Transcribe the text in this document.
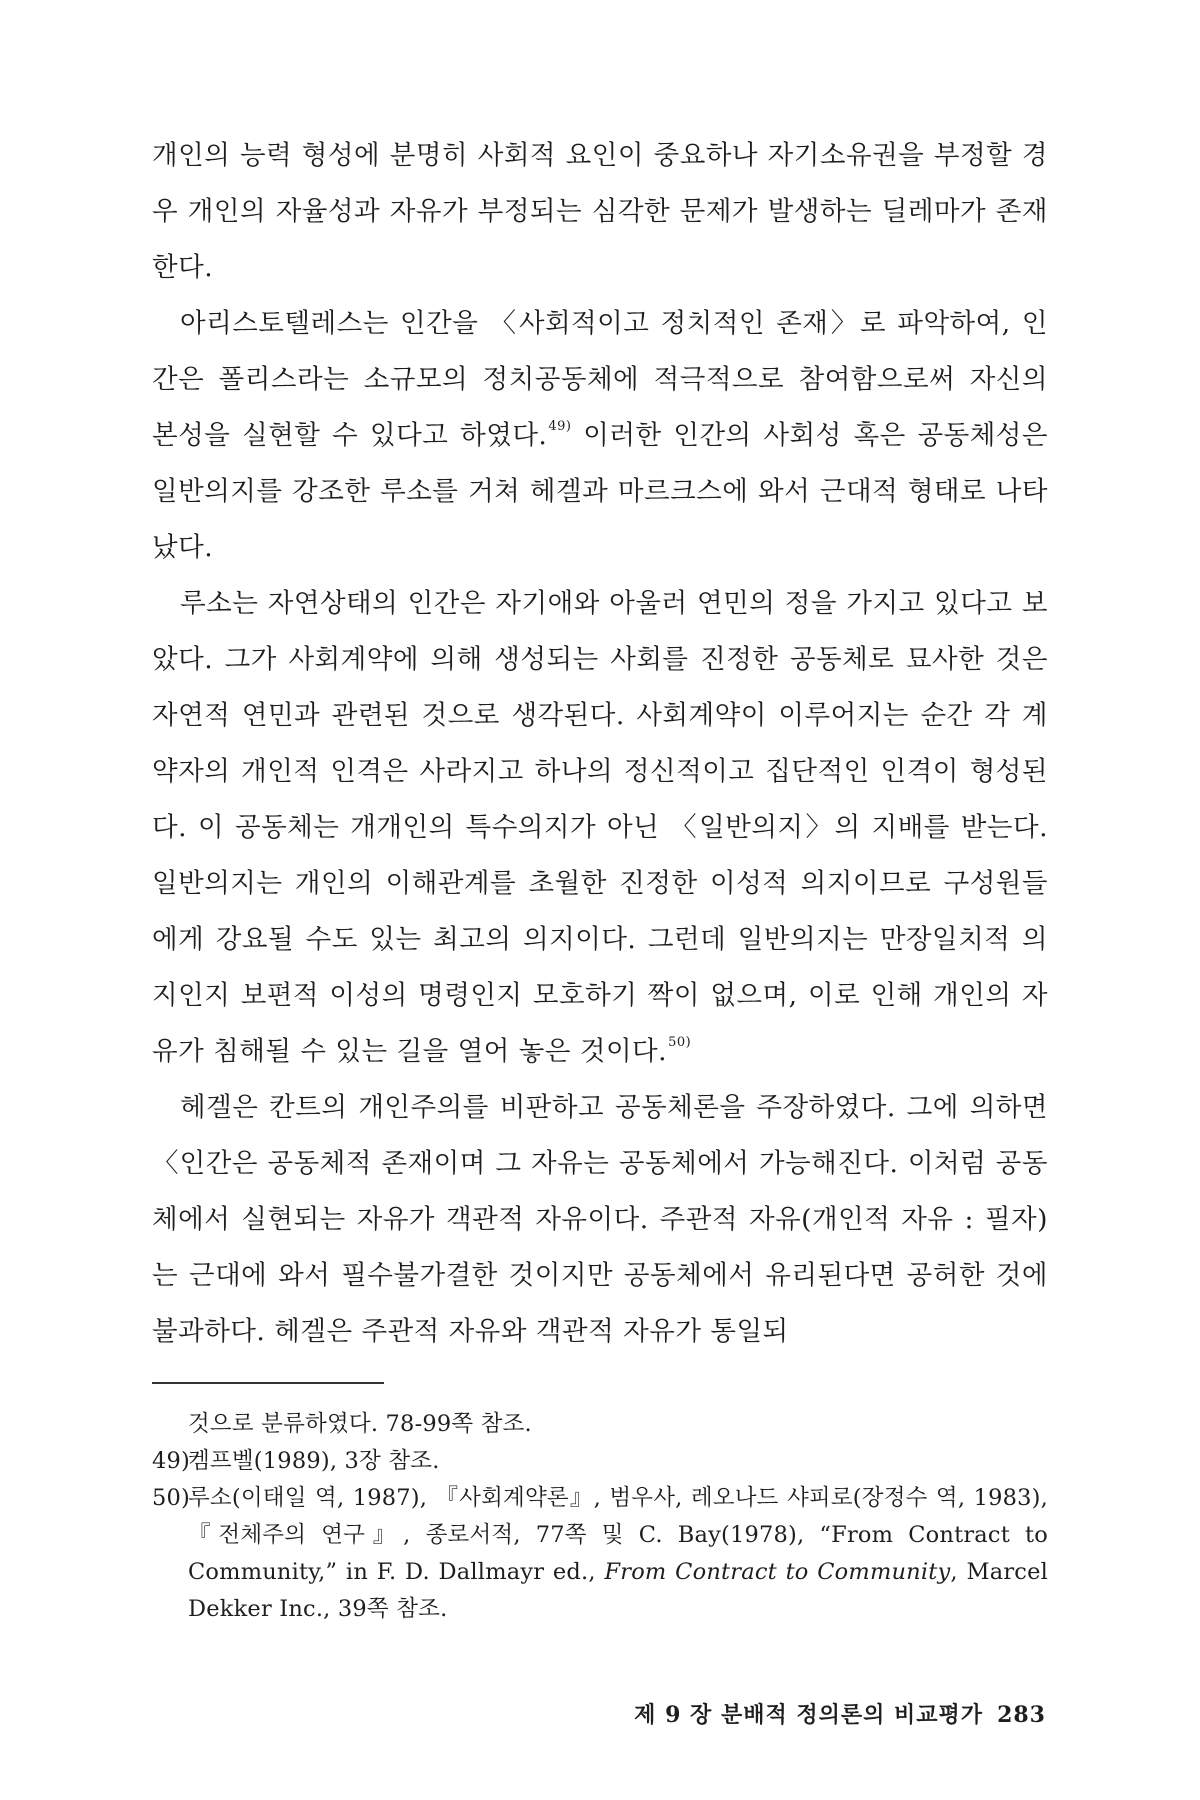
개인의 능력 형성에 분명히 사회적 요인이 중요하나 자기소유권을 부정할 경우 개인의 자율성과 자유가 부정되는 심각한 문제가 발생하는 딜레마가 존재한다.

아리스토텔레스는 인간을 〈사회적이고 정치적인 존재〉로 파악하여, 인간은 폴리스라는 소규모의 정치공동체에 적극적으로 참여함으로써 자신의 본성을 실현할 수 있다고 하였다.$^{49)}$ 이러한 인간의 사회성 혹은 공동체성은 일반의지를 강조한 루소를 거쳐 헤겔과 마르크스에 와서 근대적 형태로 나타났다.

루소는 자연상태의 인간은 자기애와 아울러 연민의 정을 가지고 있다고 보았다. 그가 사회계약에 의해 생성되는 사회를 진정한 공동체로 묘사한 것은 자연적 연민과 관련된 것으로 생각된다. 사회계약이 이루어지는 순간 각 계약자의 개인적 인격은 사라지고 하나의 정신적이고 집단적인 인격이 형성된다. 이 공동체는 개개인의 특수의지가 아닌 〈일반의지〉의 지배를 받는다. 일반의지는 개인의 이해관계를 초월한 진정한 이성적 의지이므로 구성원들에게 강요될 수도 있는 최고의 의지이다. 그런데 일반의지는 만장일치적 의지인지 보편적 이성의 명령인지 모호하기 짝이 없으며, 이로 인해 개인의 자유가 침해될 수 있는 길을 열어 놓은 것이다.$^{50)}$

헤겔은 칸트의 개인주의를 비판하고 공동체론을 주장하였다. 그에 의하면 〈인간은 공동체적 존재이며 그 자유는 공동체에서 가능해진다. 이처럼 공동체에서 실현되는 자유가 객관적 자유이다. 주관적 자유(개인적 자유 : 필자)는 근대에 와서 필수불가결한 것이지만 공동체에서 유리된다면 공허한 것에 불과하다. 헤겔은 주관적 자유와 객관적 자유가 통일되

것으로 분류하였다. 78-99쪽 참조.
49)
켐프벨(1989), 3장 참조.
50)
루소(이태일 역, 1987), 『사회계약론』, 범우사, 레오나드 샤피로(장정수 역, 1983), 『전체주의 연구』, 종로서적, 77쪽 및 C. Bay(1978), “From Contract to Community,” in F. D. Dallmayr ed., From Contract to Community, Marcel Dekker Inc., 39쪽 참조.
제 9 장 분배적 정의론의 비교평가 283
